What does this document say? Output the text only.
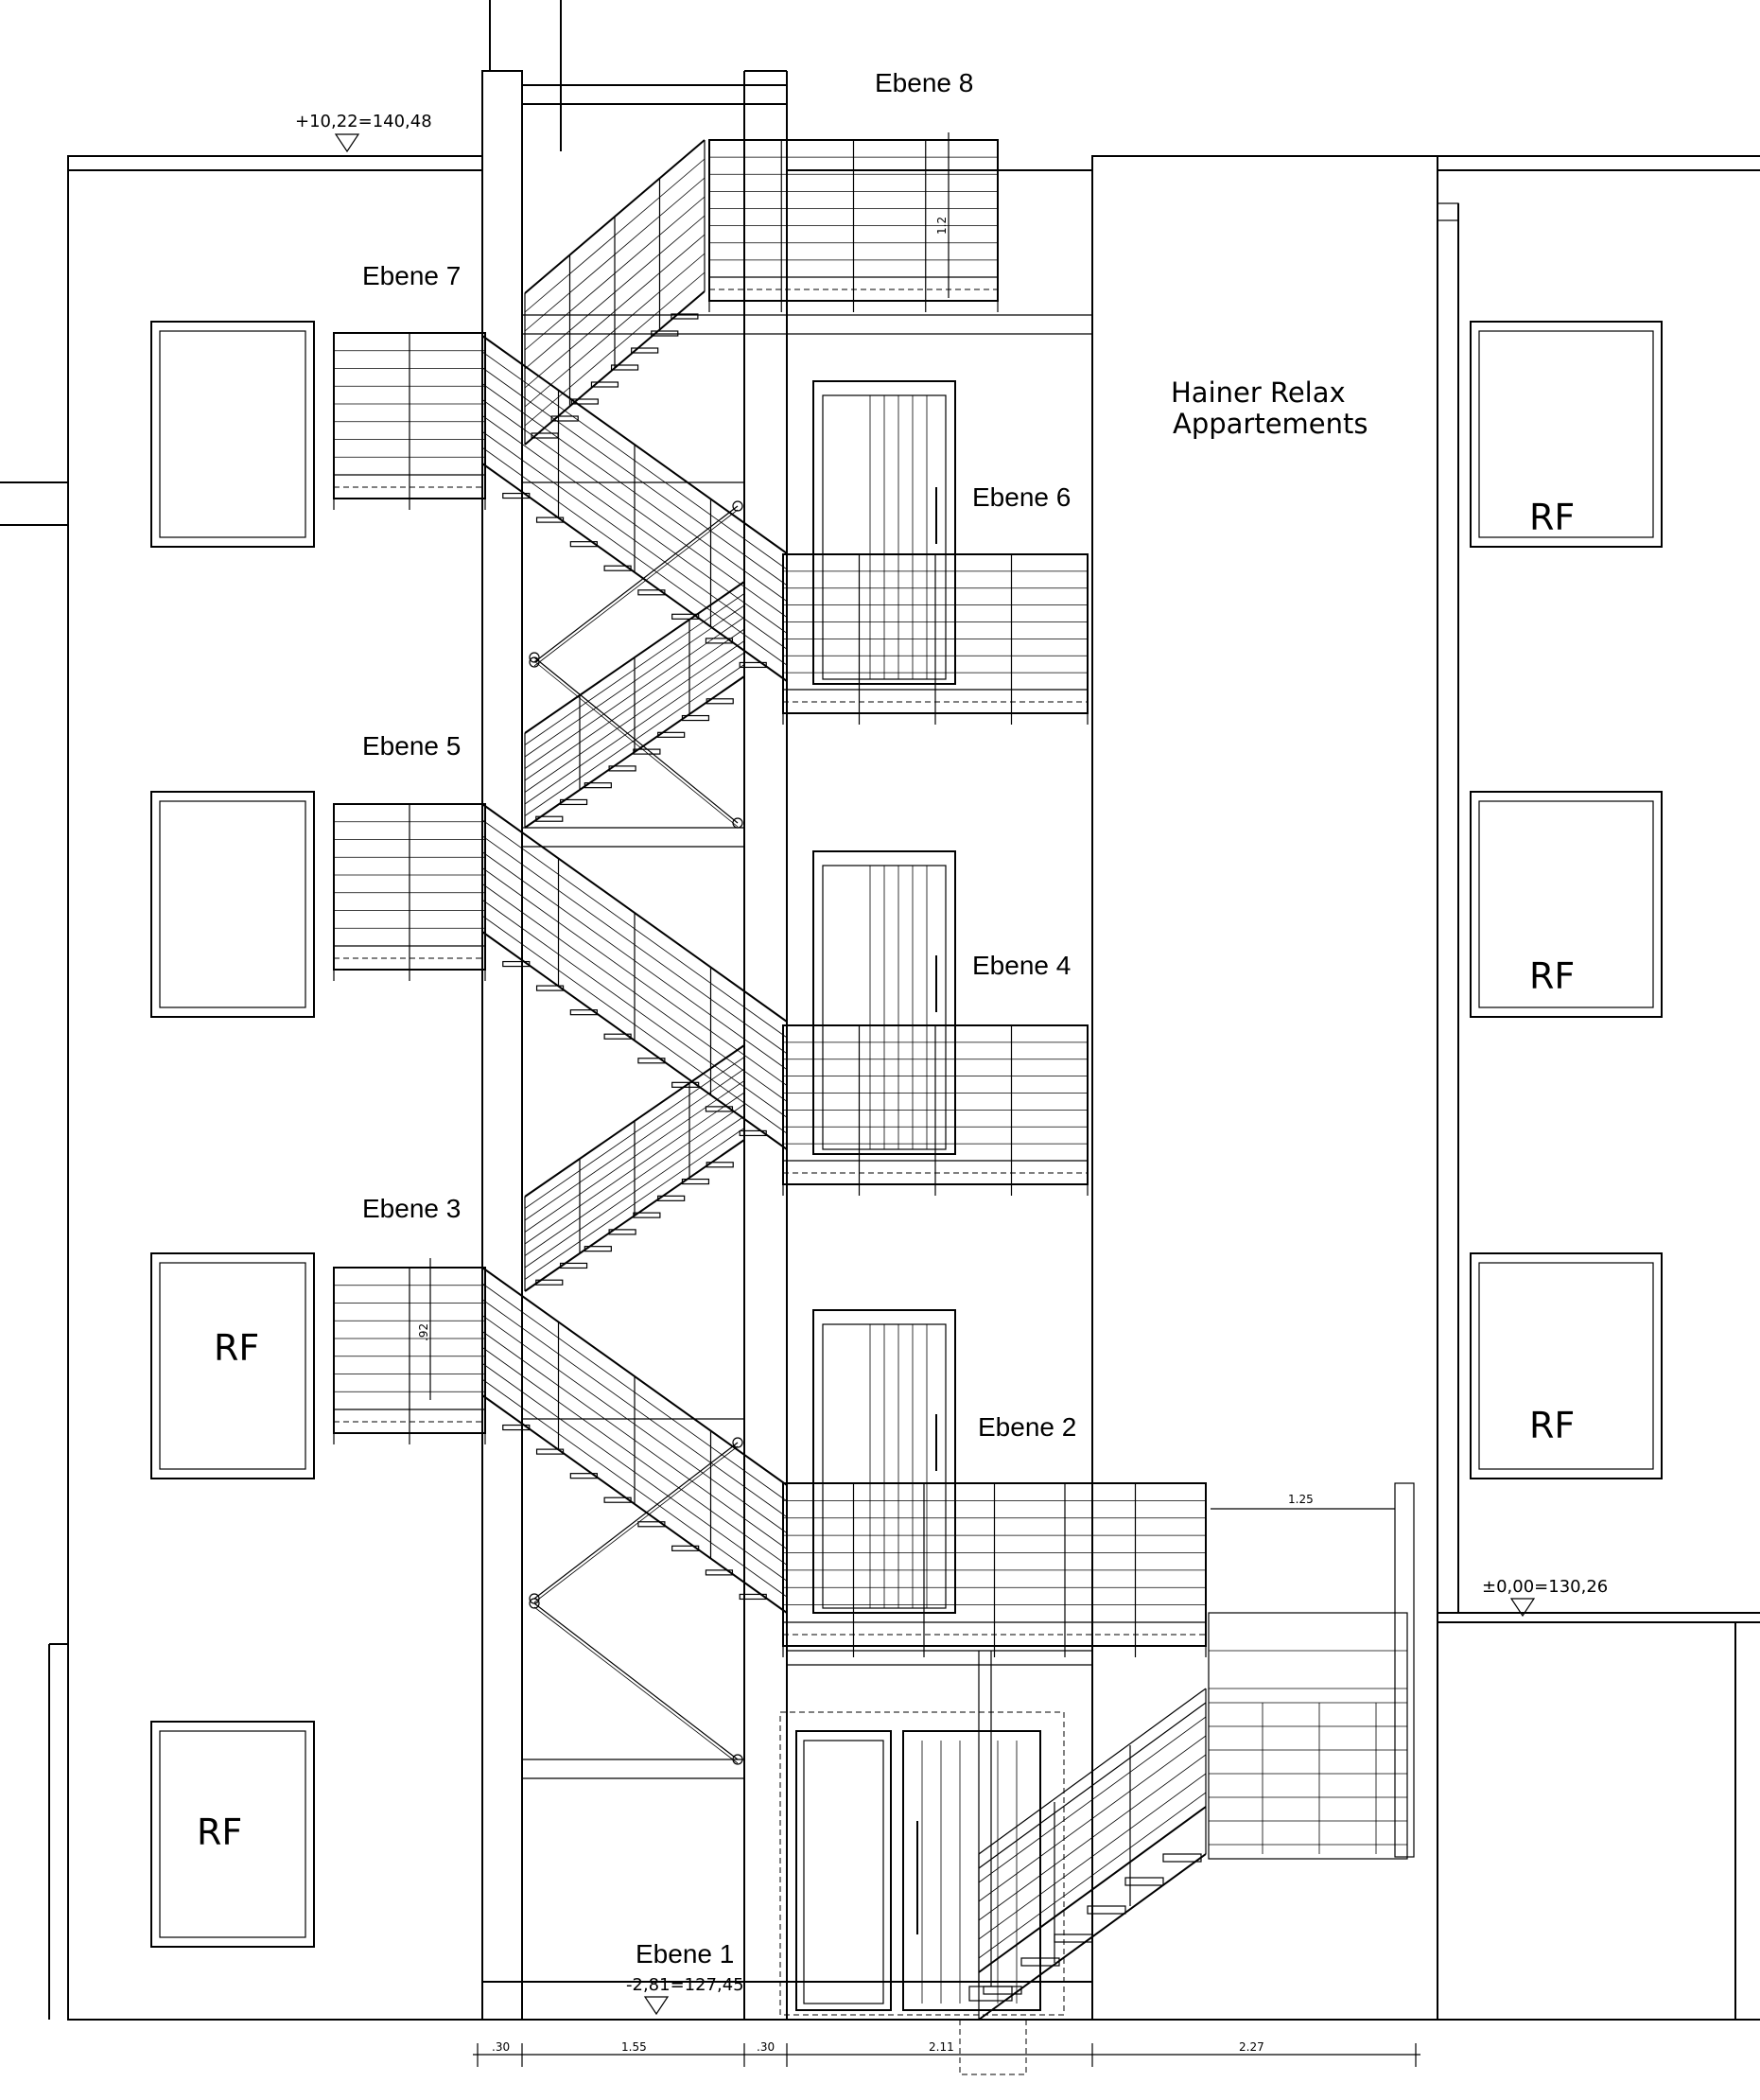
Ebene 8
Ebene 7
Ebene 6
Ebene 5
Ebene 4
Ebene 3
Ebene 2
Ebene 1
Hainer Relax
Appartements
+10,22=140,48
±0,00=130,26
-2,81=127,45
RF
RF
RF
RF
RF
.30	1.55	.30	2.11	2.27
1.25
1.2
.92
